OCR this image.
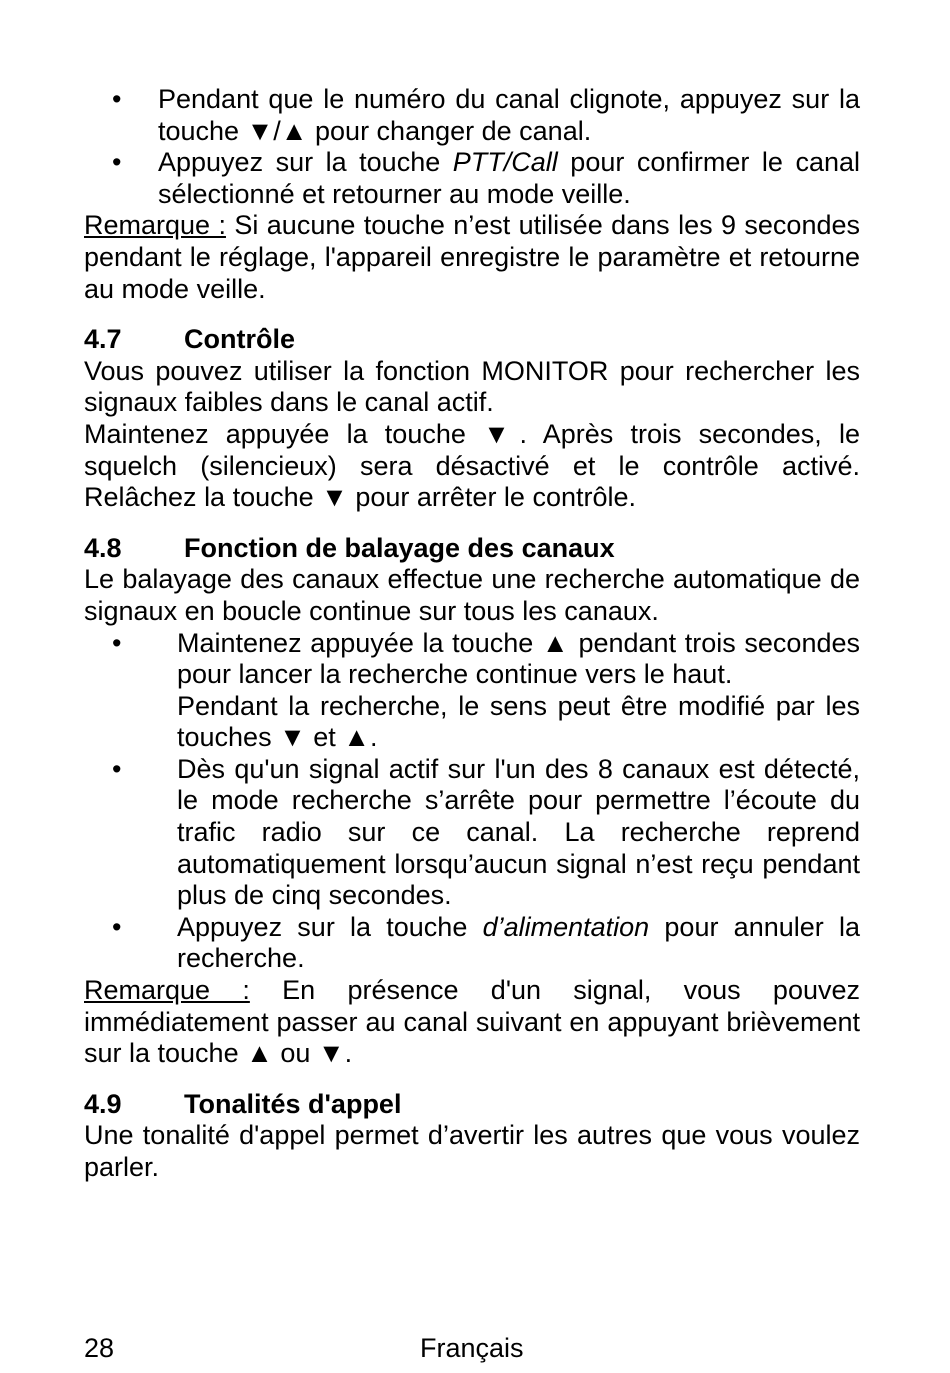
• Pendant que le numéro du canal clignote, appuyez sur la touche ▼/▲ pour changer de canal.
• Appuyez sur la touche PTT/Call pour confirmer le canal sélectionné et retourner au mode veille.

Remarque : Si aucune touche n’est utilisée dans les 9 secondes pendant le réglage, l'appareil enregistre le paramètre et retourne au mode veille.

4.7 Contrôle

Vous pouvez utiliser la fonction MONITOR pour rechercher les signaux faibles dans le canal actif.

Maintenez appuyée la touche ▼. Après trois secondes, le squelch (silencieux) sera désactivé et le contrôle activé. Relâchez la touche ▼ pour arrêter le contrôle.

4.8 Fonction de balayage des canaux

Le balayage des canaux effectue une recherche automatique de signaux en boucle continue sur tous les canaux.

• Maintenez appuyée la touche ▲ pendant trois secondes pour lancer la recherche continue vers le haut.
Pendant la recherche, le sens peut être modifié par les touches ▼ et ▲.
• Dès qu'un signal actif sur l'un des 8 canaux est détecté, le mode recherche s’arrête pour permettre l’écoute du trafic radio sur ce canal. La recherche reprend automatiquement lorsqu’aucun signal n’est reçu pendant plus de cinq secondes.
• Appuyez sur la touche d’alimentation pour annuler la recherche.

Remarque : En présence d'un signal, vous pouvez immédiatement passer au canal suivant en appuyant brièvement sur la touche ▲ ou ▼.

4.9 Tonalités d'appel

Une tonalité d'appel permet d’avertir les autres que vous voulez parler.

28	Français
